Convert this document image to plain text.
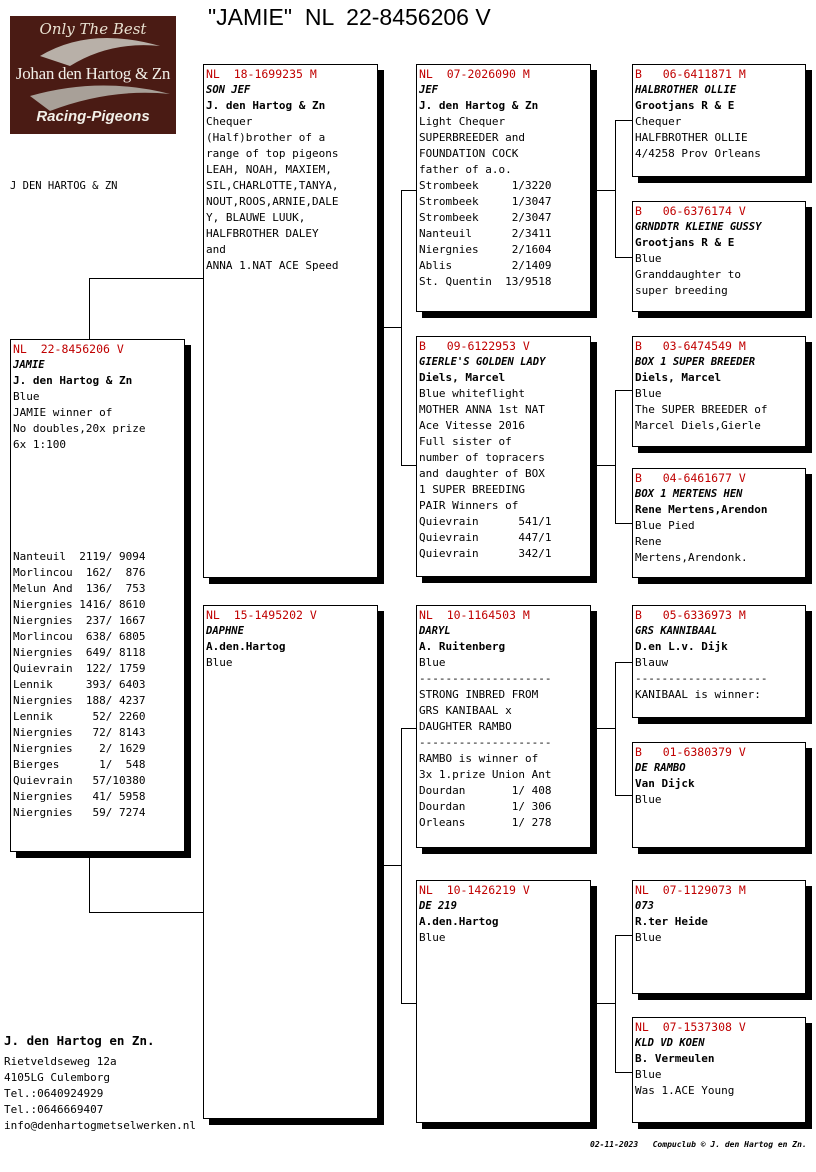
"JAMIE"  NL  22-8456206 V
Only The Best
Johan den Hartog & Zn
Racing-Pigeons
J DEN HARTOG & ZN
NL  22-8456206 V
JAMIE
J. den Hartog & Zn
Blue
JAMIE winner of
No doubles,20x prize
6x 1:100

Nanteuil  2119/ 9094
Morlincou  162/  876
Melun And  136/  753
Niergnies 1416/ 8610
Niergnies  237/ 1667
Morlincou  638/ 6805
Niergnies  649/ 8118
Quievrain  122/ 1759
Lennik     393/ 6403
Niergnies  188/ 4237
Lennik      52/ 2260
Niergnies   72/ 8143
Niergnies    2/ 1629
Bierges      1/  548
Quievrain   57/10380
Niergnies   41/ 5958
Niergnies   59/ 7274
NL  18-1699235 M
SON JEF
J. den Hartog & Zn
Chequer
(Half)brother of a
range of top pigeons
LEAH, NOAH, MAXIEM,
SIL,CHARLOTTE,TANYA,
NOUT,ROOS,ARNIE,DALE
Y, BLAUWE LUUK,
HALFBROTHER DALEY
and
ANNA 1.NAT ACE Speed
NL  15-1495202 V
DAPHNE
A.den.Hartog
Blue
NL  07-2026090 M
JEF
J. den Hartog & Zn
Light Chequer
SUPERBREEDER and
FOUNDATION COCK
father of a.o.
Strombeek     1/3220
Strombeek     1/3047
Strombeek     2/3047
Nanteuil      2/3411
Niergnies     2/1604
Ablis         2/1409
St. Quentin  13/9518
B   09-6122953 V
GIERLE'S GOLDEN LADY
Diels, Marcel
Blue whiteflight
MOTHER ANNA 1st NAT
Ace Vitesse 2016
Full sister of
number of topracers
and daughter of BOX
1 SUPER BREEDING
PAIR Winners of
Quievrain      541/1
Quievrain      447/1
Quievrain      342/1
NL  10-1164503 M
DARYL
A. Ruitenberg
Blue
--------------------
STRONG INBRED FROM
GRS KANIBAAL x
DAUGHTER RAMBO
--------------------
RAMBO is winner of
3x 1.prize Union Ant
Dourdan       1/ 408
Dourdan       1/ 306
Orleans       1/ 278
NL  10-1426219 V
DE 219
A.den.Hartog
Blue
B   06-6411871 M
HALBROTHER OLLIE
Grootjans R & E
Chequer
HALFBROTHER OLLIE
4/4258 Prov Orleans
B   06-6376174 V
GRNDDTR KLEINE GUSSY
Grootjans R & E
Blue
Granddaughter to
super breeding
B   03-6474549 M
BOX 1 SUPER BREEDER
Diels, Marcel
Blue
The SUPER BREEDER of
Marcel Diels,Gierle
B   04-6461677 V
BOX 1 MERTENS HEN
Rene Mertens,Arendon
Blue Pied
Rene
Mertens,Arendonk.
B   05-6336973 M
GRS KANNIBAAL
D.en L.v. Dijk
Blauw
--------------------
KANIBAAL is winner:
B   01-6380379 V
DE RAMBO
Van Dijck
Blue
NL  07-1129073 M
073
R.ter Heide
Blue
NL  07-1537308 V
KLD VD KOEN
B. Vermeulen
Blue
Was 1.ACE Young
J. den Hartog en Zn.
Rietveldseweg 12a
4105LG Culemborg
Tel.:0640924929
Tel.:0646669407
info@denhartogmetselwerken.nl
02-11-2023   Compuclub © J. den Hartog en Zn.
